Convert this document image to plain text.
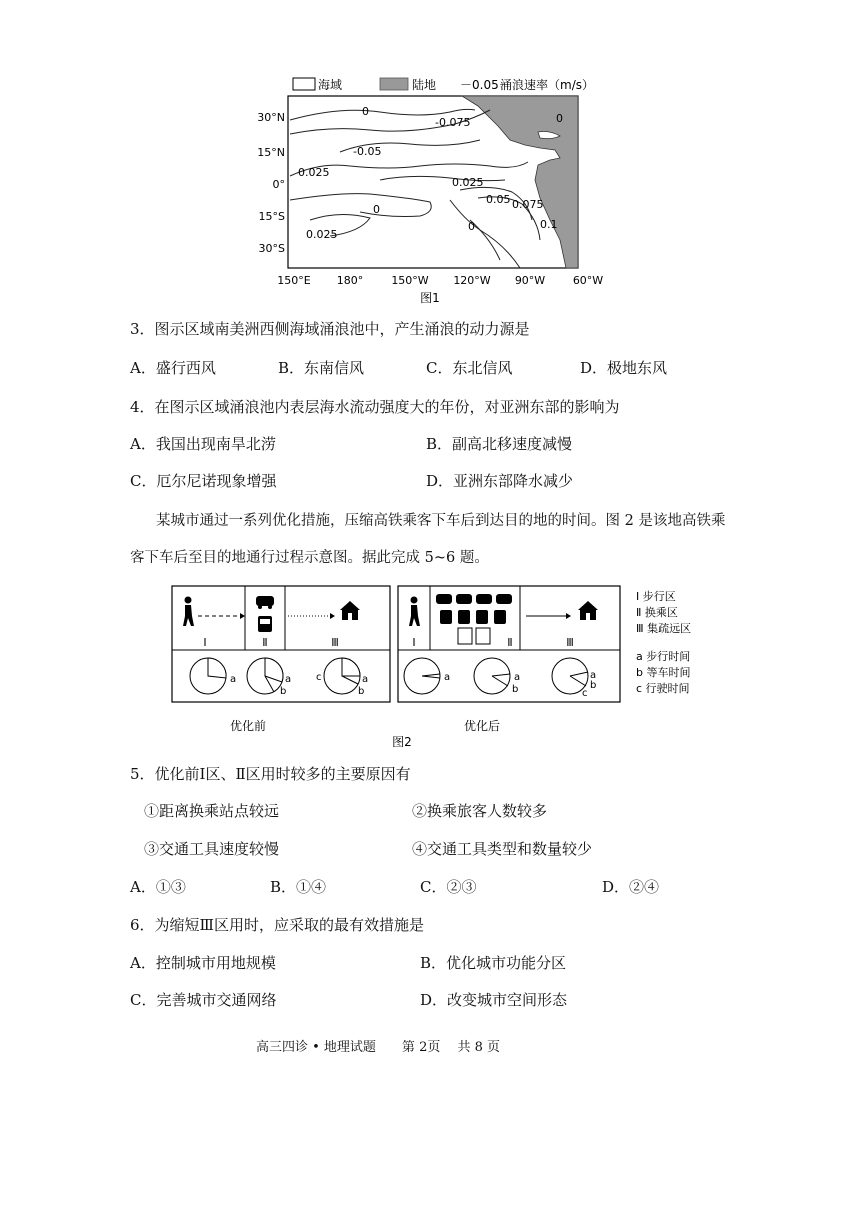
海域	陆地 －0.05－
涌浪速率（m/s）
0
-0.075
-0.05
0.025
0
0.025
0.025
0.05 0.075
0.1
0
0
30°N
15°N
0°
15°S
30°S
150°E 180°	150°W 120°W 90°W	60°W
图1
3．图示区域南美洲西侧海域涌浪池中，产生涌浪的动力源是
A．盛行西风	B．东南信风	C．东北信风	D．极地东风
4．在图示区域涌浪池内表层海水流动强度大的年份，对亚洲东部的影响为
A．我国出现南旱北涝	B．副高北移速度减慢
C．厄尔尼诺现象增强	D．亚洲东部降水减少
某城市通过一系列优化措施，压缩高铁乘客下车后到达目的地的时间。图 2 是该地高铁乘
客下车后至目的地通行过程示意图。据此完成 5~6 题。
Ⅰ	Ⅱ	Ⅲ
a	a
b
c	a
b
优化前
Ⅰ	Ⅱ	Ⅲ
a	a
b
a
b
c
优化后
图2
Ⅰ 步行区
Ⅱ 换乘区
Ⅲ 集疏远区
a 步行时间
b 等车时间
c 行驶时间
5．优化前Ⅰ区、Ⅱ区用时较多的主要原因有
①距离换乘站点较远	②换乘旅客人数较多
③交通工具速度较慢	④交通工具类型和数量较少
A．①③	B．①④	C．②③	D．②④
6．为缩短Ⅲ区用时，应采取的最有效措施是
A．控制城市用地规模	B．优化城市功能分区
C．完善城市交通网络	D．改变城市空间形态
高三四诊 • 地理试题　　第 2页　 共 8 页
